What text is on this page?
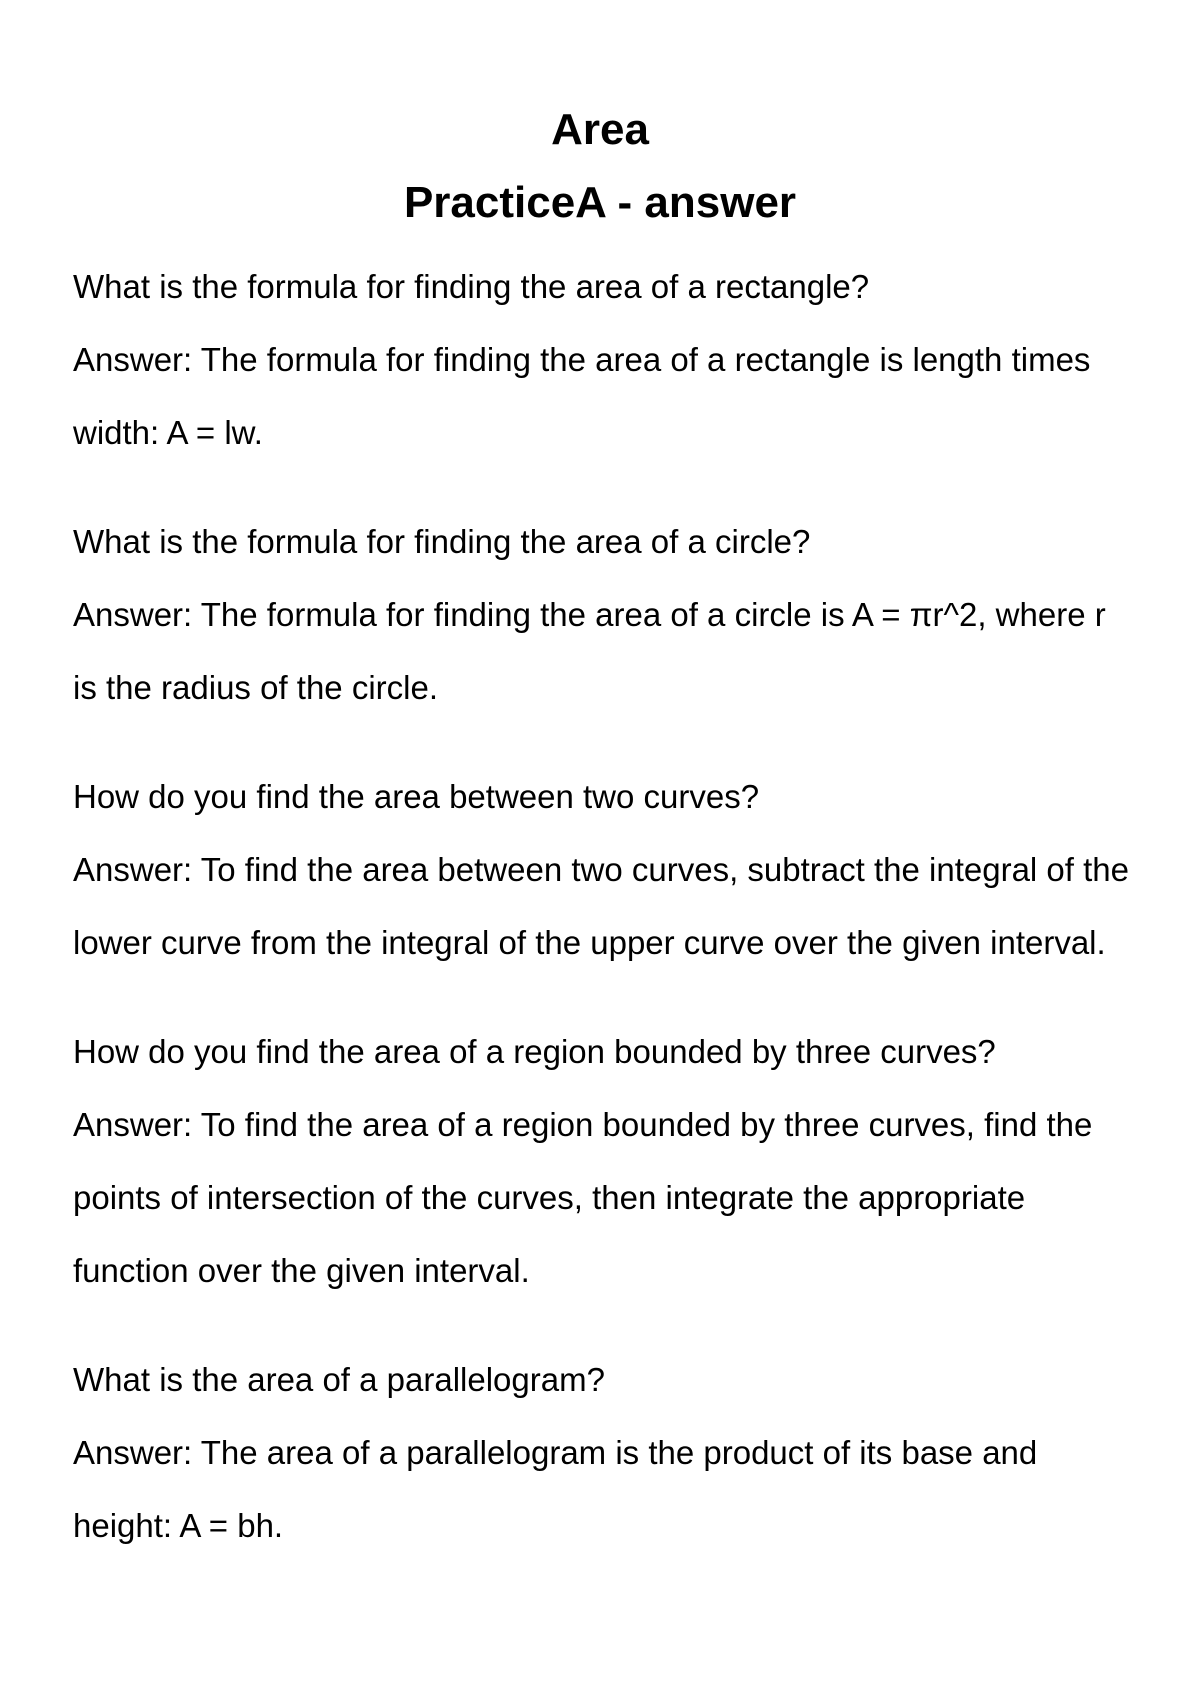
Area
PracticeA - answer

What is the formula for finding the area of a rectangle?

Answer: The formula for finding the area of a rectangle is length times width: A = lw.

What is the formula for finding the area of a circle?

Answer: The formula for finding the area of a circle is A = πr^2, where r is the radius of the circle.

How do you find the area between two curves?

Answer: To find the area between two curves, subtract the integral of the lower curve from the integral of the upper curve over the given interval.

How do you find the area of a region bounded by three curves?

Answer: To find the area of a region bounded by three curves, find the points of intersection of the curves, then integrate the appropriate function over the given interval.

What is the area of a parallelogram?

Answer: The area of a parallelogram is the product of its base and height: A = bh.
